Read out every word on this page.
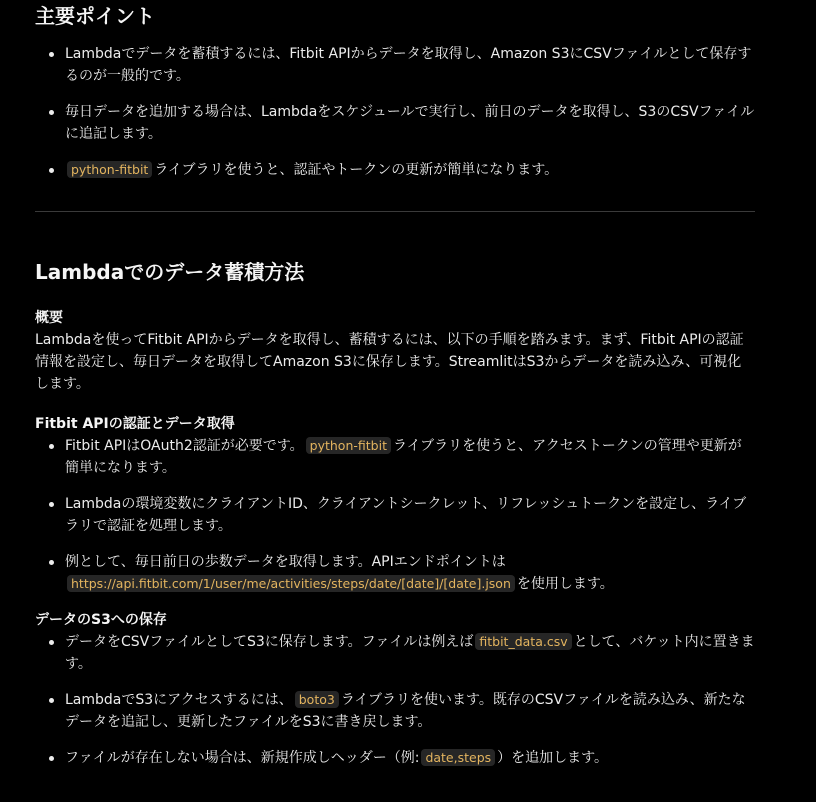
主要ポイント
Lambdaでデータを蓄積するには、Fitbit APIからデータを取得し、Amazon S3にCSVファイルとして保存するのが一般的です。
毎日データを追加する場合は、Lambdaをスケジュールで実行し、前日のデータを取得し、S3のCSVファイルに追記します。
python-fitbit ライブラリを使うと、認証やトークンの更新が簡単になります。
Lambdaでのデータ蓄積方法
概要

Lambdaを使ってFitbit APIからデータを取得し、蓄積するには、以下の手順を踏みます。まず、Fitbit APIの認証情報を設定し、毎日データを取得してAmazon S3に保存します。StreamlitはS3からデータを読み込み、可視化します。

Fitbit APIの認証とデータ取得
Fitbit APIはOAuth2認証が必要です。 python-fitbit ライブラリを使うと、アクセストークンの管理や更新が簡単になります。
Lambdaの環境変数にクライアントID、クライアントシークレット、リフレッシュトークンを設定し、ライブラリで認証を処理します。
例として、毎日前日の歩数データを取得します。APIエンドポイントは
https://api.fitbit.com/1/user/me/activities/steps/date/[date]/[date].json を使用します。
データのS3への保存
データをCSVファイルとしてS3に保存します。ファイルは例えば fitbit_data.csv として、バケット内に置きます。
LambdaでS3にアクセスするには、 boto3 ライブラリを使います。既存のCSVファイルを読み込み、新たなデータを追記し、更新したファイルをS3に書き戻します。
ファイルが存在しない場合は、新規作成しヘッダー（例: date,steps ）を追加します。
